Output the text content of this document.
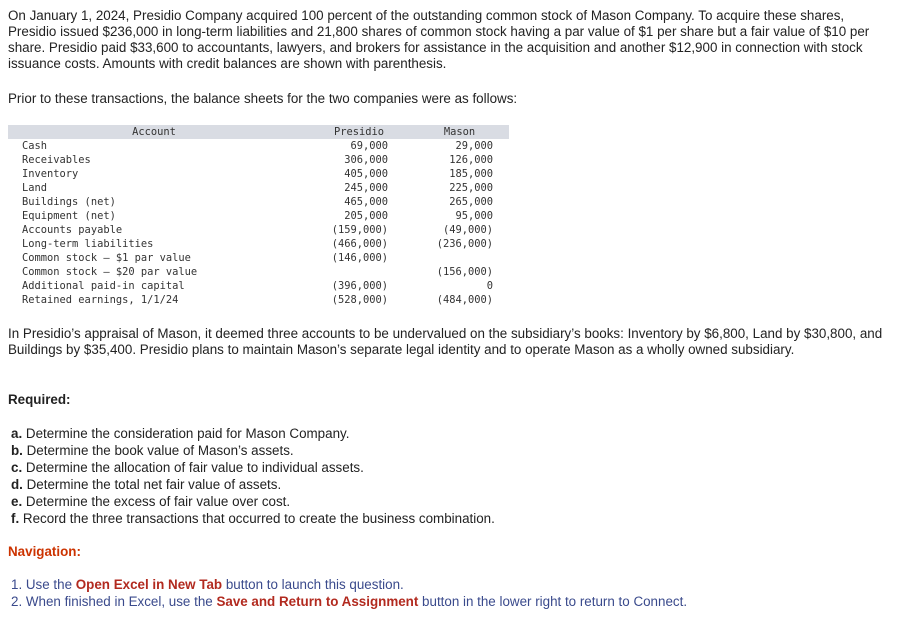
On January 1, 2024, Presidio Company acquired 100 percent of the outstanding common stock of Mason Company. To acquire these shares, Presidio issued $236,000 in long-term liabilities and 21,800 shares of common stock having a par value of $1 per share but a fair value of $10 per share. Presidio paid $33,600 to accountants, lawyers, and brokers for assistance in the acquisition and another $12,900 in connection with stock issuance costs. Amounts with credit balances are shown with parenthesis.

Prior to these transactions, the balance sheets for the two companies were as follows:

Account	Presidio	Mason
Cash	69,000	29,000
Receivables	306,000	126,000
Inventory	405,000	185,000
Land	245,000	225,000
Buildings (net)	465,000	265,000
Equipment (net)	205,000	95,000
Accounts payable	(159,000)	(49,000)
Long-term liabilities	(466,000)	(236,000)
Common stock – $1 par value	(146,000)	
Common stock – $20 par value		(156,000)
Additional paid-in capital	(396,000)	0
Retained earnings, 1/1/24	(528,000)	(484,000)

In Presidio’s appraisal of Mason, it deemed three accounts to be undervalued on the subsidiary’s books: Inventory by $6,800, Land by $30,800, and Buildings by $35,400. Presidio plans to maintain Mason’s separate legal identity and to operate Mason as a wholly owned subsidiary.

Required:

a. Determine the consideration paid for Mason Company.
b. Determine the book value of Mason’s assets.
c. Determine the allocation of fair value to individual assets.
d. Determine the total net fair value of assets.
e. Determine the excess of fair value over cost.
f. Record the three transactions that occurred to create the business combination.

Navigation:

1. Use the Open Excel in New Tab button to launch this question.
2. When finished in Excel, use the Save and Return to Assignment button in the lower right to return to Connect.
